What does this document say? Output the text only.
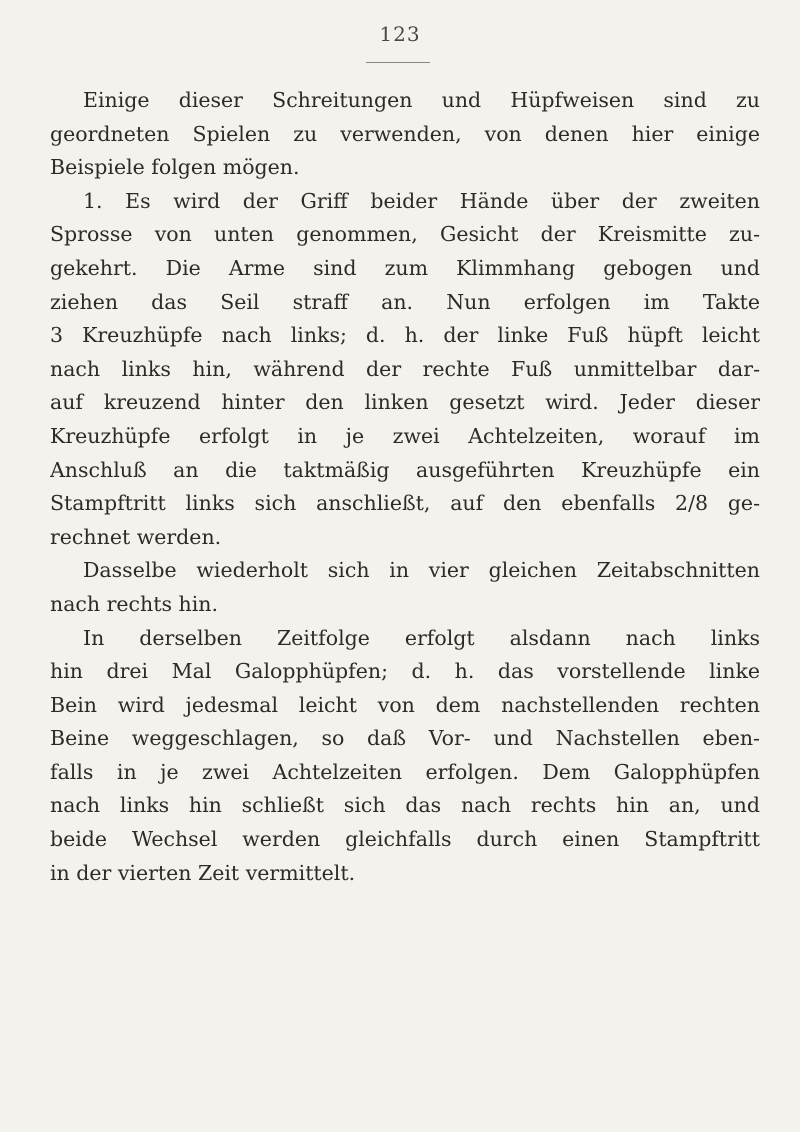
123
Einige dieser Schreitungen und Hüpfweisen sind zu
geordneten Spielen zu verwenden, von denen hier einige
Beispiele folgen mögen.
1. Es wird der Griff beider Hände über der zweiten
Sprosse von unten genommen, Gesicht der Kreismitte zu-
gekehrt. Die Arme sind zum Klimmhang gebogen und
ziehen das Seil straff an. Nun erfolgen im Takte
3 Kreuzhüpfe nach links; d. h. der linke Fuß hüpft leicht
nach links hin, während der rechte Fuß unmittelbar dar-
auf kreuzend hinter den linken gesetzt wird. Jeder dieser
Kreuzhüpfe erfolgt in je zwei Achtelzeiten, worauf im
Anschluß an die taktmäßig ausgeführten Kreuzhüpfe ein
Stampftritt links sich anschließt, auf den ebenfalls 2/8 ge-
rechnet werden.
Dasselbe wiederholt sich in vier gleichen Zeitabschnitten
nach rechts hin.
In derselben Zeitfolge erfolgt alsdann nach links
hin drei Mal Galopphüpfen; d. h. das vorstellende linke
Bein wird jedesmal leicht von dem nachstellenden rechten
Beine weggeschlagen, so daß Vor- und Nachstellen eben-
falls in je zwei Achtelzeiten erfolgen. Dem Galopphüpfen
nach links hin schließt sich das nach rechts hin an, und
beide Wechsel werden gleichfalls durch einen Stampftritt
in der vierten Zeit vermittelt.
